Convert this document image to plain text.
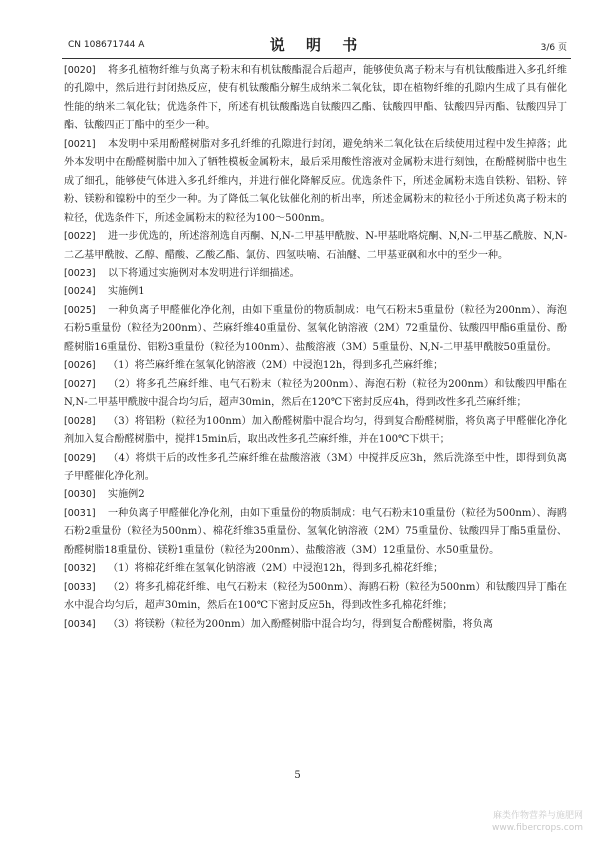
CN 108671744 A	说 明 书	3/6 页

[0020] 将多孔植物纤维与负离子粉末和有机钛酸酯混合后超声，能够使负离子粉末与有机钛酸酯进入多孔纤维的孔隙中，然后进行封闭热反应，使有机钛酸酯分解生成纳米二氧化钛，即在植物纤维的孔隙内生成了具有催化性能的纳米二氧化钛；优选条件下，所述有机钛酸酯选自钛酸四乙酯、钛酸四甲酯、钛酸四异丙酯、钛酸四异丁酯、钛酸四正丁酯中的至少一种。

[0021] 本发明中采用酚醛树脂对多孔纤维的孔隙进行封闭，避免纳米二氧化钛在后续使用过程中发生掉落；此外本发明中在酚醛树脂中加入了牺牲模板金属粉末，最后采用酸性溶液对金属粉末进行刻蚀，在酚醛树脂中也生成了细孔，能够使气体进入多孔纤维内，并进行催化降解反应。优选条件下，所述金属粉末选自铁粉、铝粉、锌粉、镁粉和镍粉中的至少一种。为了降低二氧化钛催化剂的析出率，所述金属粉末的粒径小于所述负离子粉末的粒径，优选条件下，所述金属粉末的粒径为100～500nm。

[0022] 进一步优选的，所述溶剂选自丙酮、N,N-二甲基甲酰胺、N-甲基吡咯烷酮、N,N-二甲基乙酰胺、N,N-二乙基甲酰胺、乙醇、醋酸、乙酸乙酯、氯仿、四氢呋喃、石油醚、二甲基亚砜和水中的至少一种。

[0023] 以下将通过实施例对本发明进行详细描述。

[0024] 实施例1

[0025] 一种负离子甲醛催化净化剂，由如下重量份的物质制成：电气石粉末5重量份（粒径为200nm）、海泡石粉5重量份（粒径为200nm）、苎麻纤维40重量份、氢氧化钠溶液（2M）72重量份、钛酸四甲酯6重量份、酚醛树脂16重量份、铝粉3重量份（粒径为100nm）、盐酸溶液（3M）5重量份、N,N-二甲基甲酰胺50重量份。

[0026] （1）将苎麻纤维在氢氧化钠溶液（2M）中浸泡12h，得到多孔苎麻纤维；

[0027] （2）将多孔苎麻纤维、电气石粉末（粒径为200nm）、海泡石粉（粒径为200nm）和钛酸四甲酯在N,N-二甲基甲酰胺中混合均匀后，超声30min，然后在120℃下密封反应4h，得到改性多孔苎麻纤维；

[0028] （3）将铝粉（粒径为100nm）加入酚醛树脂中混合均匀，得到复合酚醛树脂，将负离子甲醛催化净化剂加入复合酚醛树脂中，搅拌15min后，取出改性多孔苎麻纤维，并在100℃下烘干；

[0029] （4）将烘干后的改性多孔苎麻纤维在盐酸溶液（3M）中搅拌反应3h，然后洗涤至中性，即得到负离子甲醛催化净化剂。

[0030] 实施例2

[0031] 一种负离子甲醛催化净化剂，由如下重量份的物质制成：电气石粉末10重量份（粒径为500nm）、海鸥石粉2重量份（粒径为500nm）、棉花纤维35重量份、氢氧化钠溶液（2M）75重量份、钛酸四异丁酯5重量份、酚醛树脂18重量份、镁粉1重量份（粒径为200nm）、盐酸溶液（3M）12重量份、水50重量份。

[0032] （1）将棉花纤维在氢氧化钠溶液（2M）中浸泡12h，得到多孔棉花纤维；

[0033] （2）将多孔棉花纤维、电气石粉末（粒径为500nm）、海鸥石粉（粒径为500nm）和钛酸四异丁酯在水中混合均匀后，超声30min，然后在100℃下密封反应5h，得到改性多孔棉花纤维；

[0034] （3）将镁粉（粒径为200nm）加入酚醛树脂中混合均匀，得到复合酚醛树脂，将负离

5
麻类作物营养与施肥网
www.fibercrops.com
